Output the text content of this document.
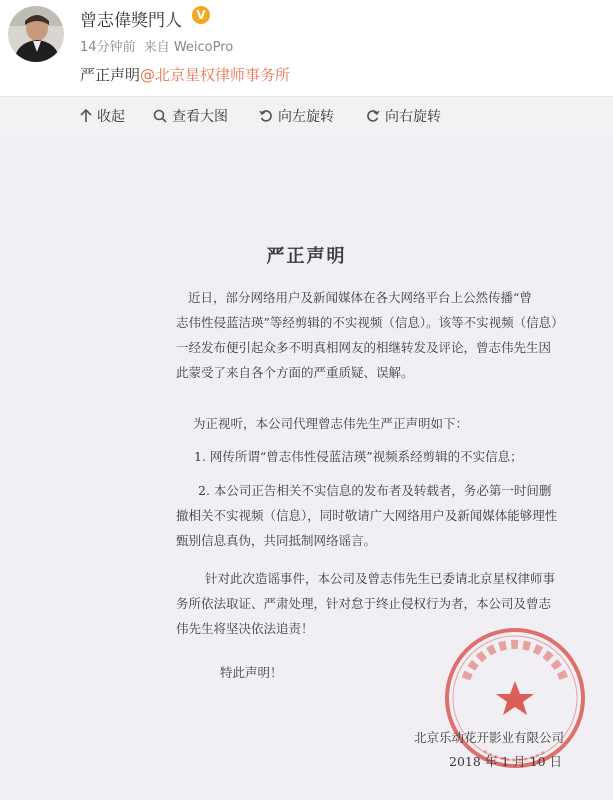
曾志偉獎門人	V
14分钟前 来自 WeicoPro
严正声明@北京星权律师事务所
收起	查看大图	向左旋转	向右旋转
严正声明
近日，部分网络用户及新闻媒体在各大网络平台上公然传播“曾
志伟性侵蓝洁瑛”等经剪辑的不实视频（信息）。该等不实视频（信息）
一经发布便引起众多不明真相网友的相继转发及评论，曾志伟先生因
此蒙受了来自各个方面的严重质疑、误解。
为正视听，本公司代理曾志伟先生严正声明如下：
1. 网传所谓“曾志伟性侵蓝洁瑛”视频系经剪辑的不实信息；
2. 本公司正告相关不实信息的发布者及转载者，务必第一时间删
撤相关不实视频（信息），同时敬请广大网络用户及新闻媒体能够理性
甄别信息真伪，共同抵制网络谣言。
针对此次造谣事件，本公司及曾志伟先生已委请北京星权律师事
务所依法取证、严肃处理，针对怠于终止侵权行为者，本公司及曾志
伟先生将坚决依法追责！
特此声明！
北京乐动花开影业有限公司
2018 年 1 月 10 日
